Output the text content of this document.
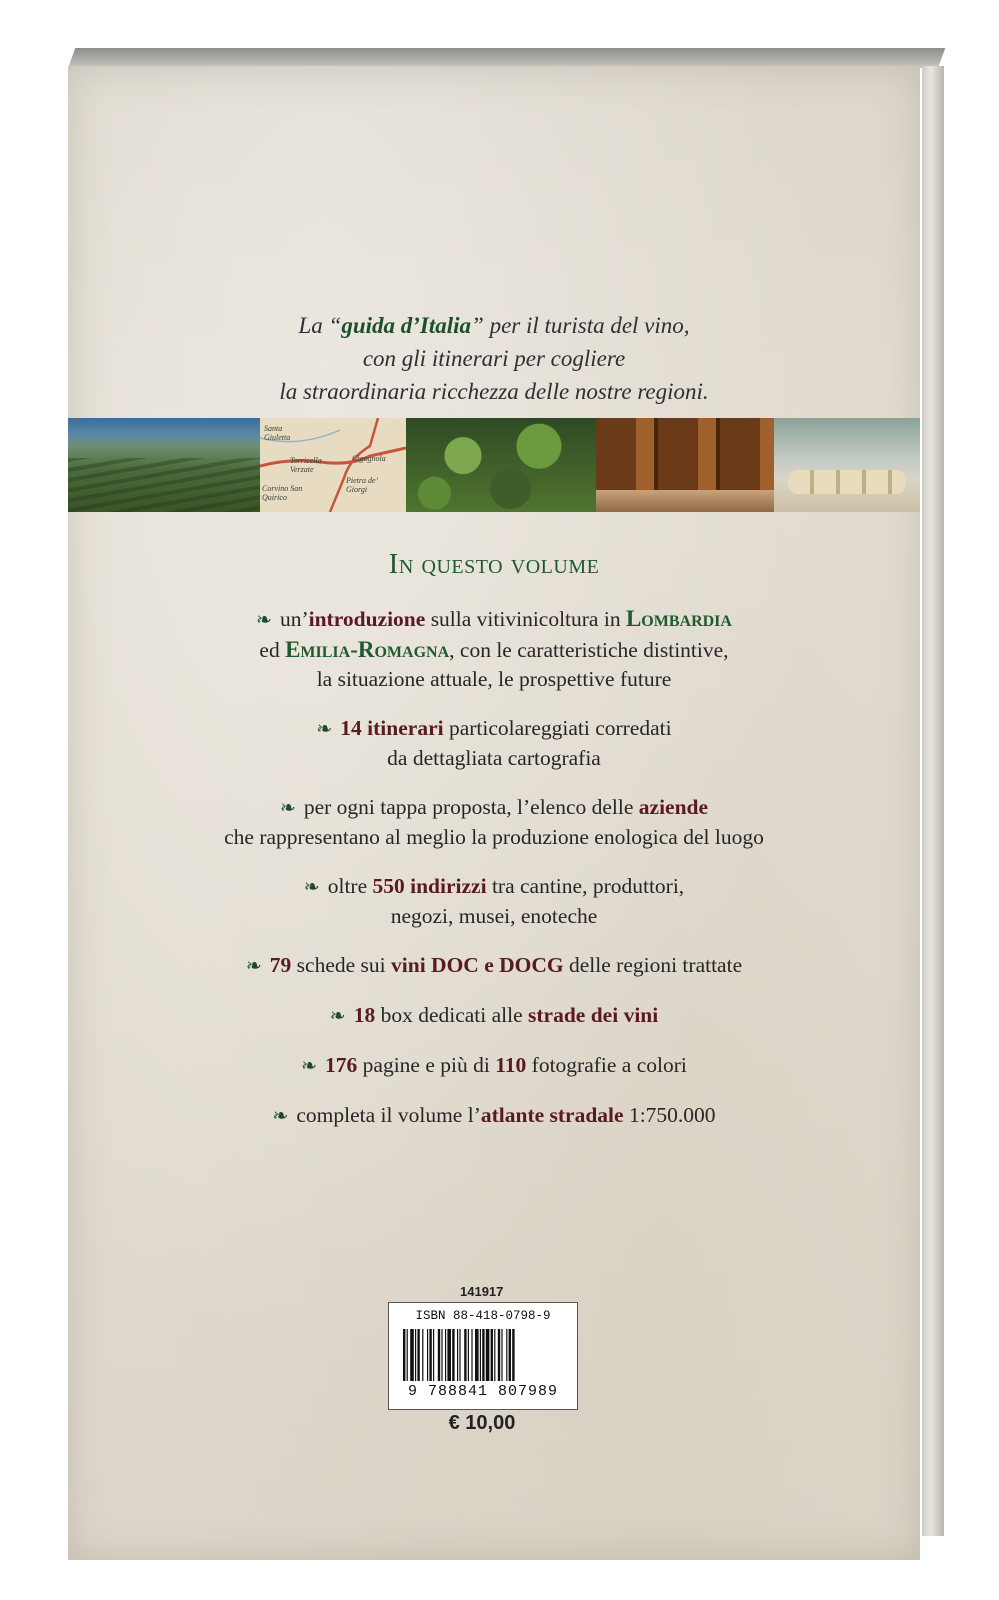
La “guida d’Italia” per il turista del vino,
con gli itinerari per cogliere
la straordinaria ricchezza delle nostre regioni.
Santa Giuletta
Torricella Verzate
Cigognola
Pietra de’ Giorgi
Corvino San Quirico
In questo volume
❧ un’introduzione sulla vitivinicoltura in Lombardia
ed Emilia-Romagna, con le caratteristiche distintive,
la situazione attuale, le prospettive future
❧ 14 itinerari particolareggiati corredati
da dettagliata cartografia
❧ per ogni tappa proposta, l’elenco delle aziende
che rappresentano al meglio la produzione enologica del luogo
❧ oltre 550 indirizzi tra cantine, produttori,
negozi, musei, enoteche
❧ 79 schede sui vini DOC e DOCG delle regioni trattate
❧ 18 box dedicati alle strade dei vini
❧ 176 pagine e più di 110 fotografie a colori
❧ completa il volume l’atlante stradale 1:750.000
141917
ISBN 88-418-0798-9
9 788841 807989
€ 10,00
